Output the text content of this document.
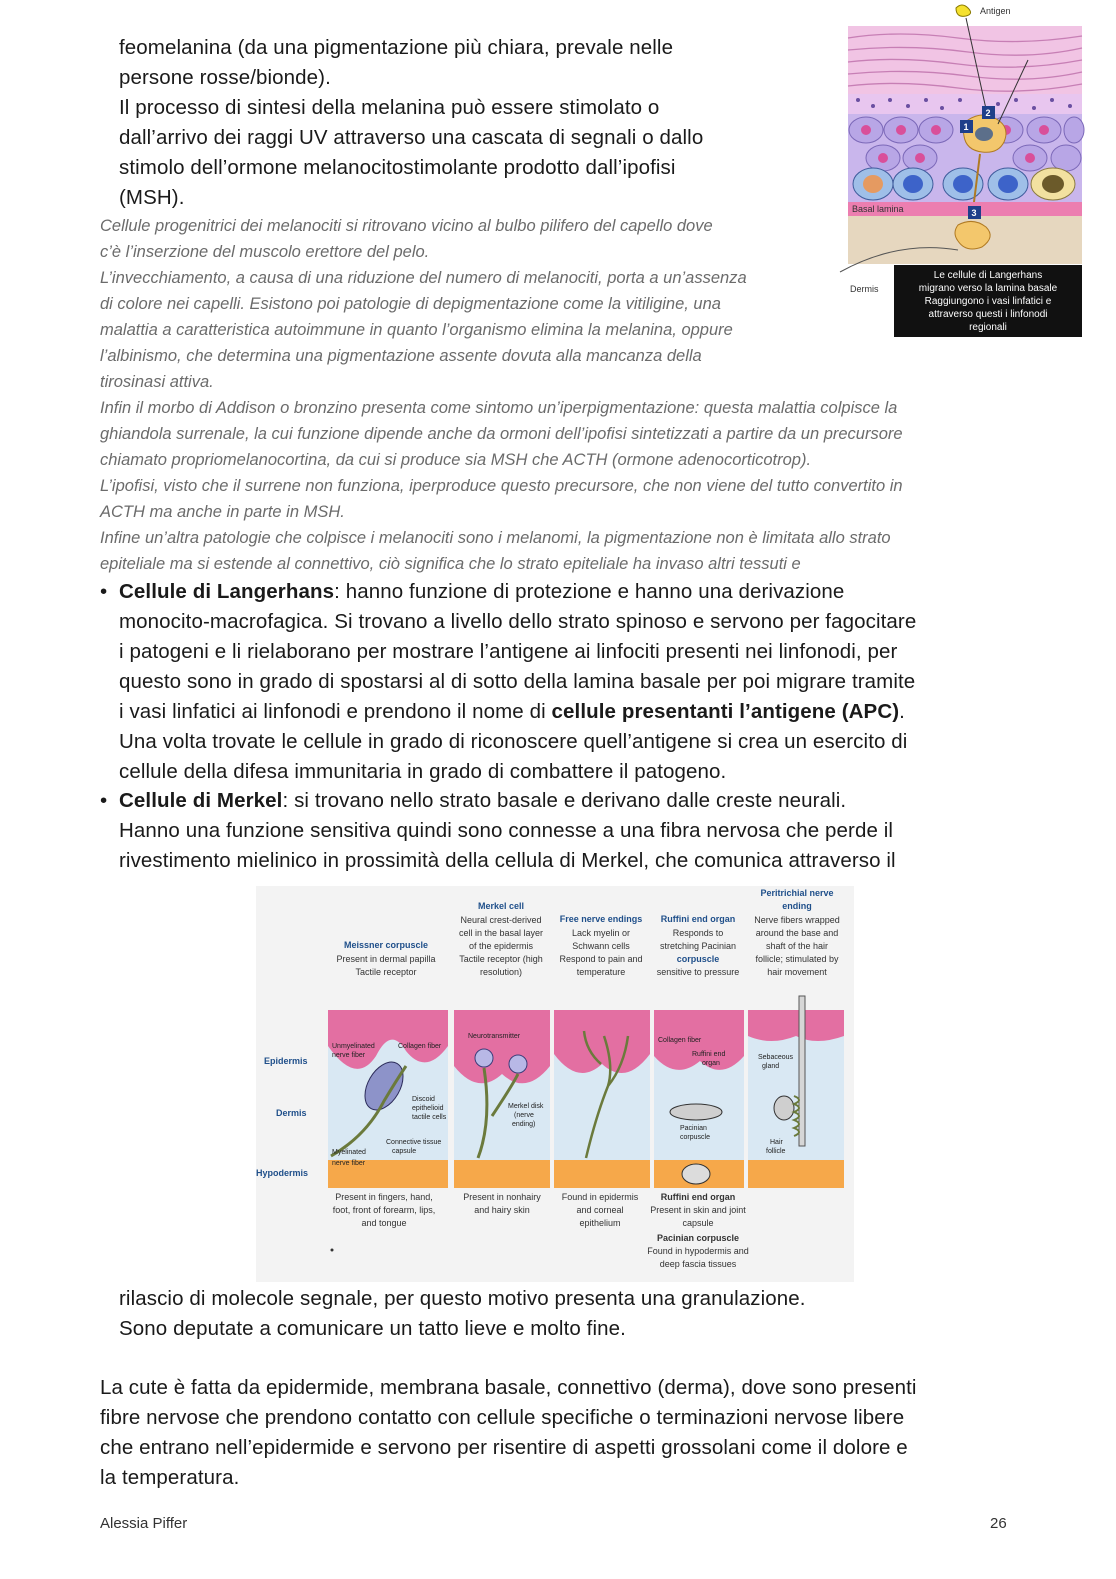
feomelanina (da una pigmentazione più chiara, prevale nelle
persone rosse/bionde).
Il processo di sintesi della melanina può essere stimolato o
dall’arrivo dei raggi UV attraverso una cascata di segnali o dallo
stimolo dell’ormone melanocitostimolante prodotto dall’ipofisi
(MSH).
Cellule progenitrici dei melanociti si ritrovano vicino al bulbo pilifero del capello dove
c’è l’inserzione del muscolo erettore del pelo.
L’invecchiamento, a causa di una riduzione del numero di melanociti, porta a un’assenza
di colore nei capelli. Esistono poi patologie di depigmentazione come la vitiligine, una
malattia a caratteristica autoimmune in quanto l’organismo elimina la melanina, oppure
l’albinismo, che determina una pigmentazione assente dovuta alla mancanza della
tirosinasi attiva.
Infin il morbo di Addison o bronzino presenta come sintomo un’iperpigmentazione: questa malattia colpisce la
ghiandola surrenale, la cui funzione dipende anche da ormoni dell’ipofisi sintetizzati a partire da un precursore
chiamato propriomelanocortina, da cui si produce sia MSH che ACTH (ormone adenocorticotrop).
L’ipofisi, visto che il surrene non funziona, iperproduce questo precursore, che non viene del tutto convertito in
ACTH ma anche in parte in MSH.
Infine un’altra patologie che colpisce i melanociti sono i melanomi, la pigmentazione non è limitata allo strato
epiteliale ma si estende al connettivo, ciò significa che lo strato epiteliale ha invaso altri tessuti e
Basal lamina
Antigen
1
2
3
Dermis
Le cellule di Langerhans
migrano verso la lamina basale
Raggiungono i vasi linfatici e
attraverso questi i linfonodi
regionali
• Cellule di Langerhans: hanno funzione di protezione e hanno una derivazione
monocito-macrofagica. Si trovano a livello dello strato spinoso e servono per fagocitare
i patogeni e li rielaborano per mostrare l’antigene ai linfociti presenti nei linfonodi, per
questo sono in grado di spostarsi al di sotto della lamina basale per poi migrare tramite
i vasi linfatici ai linfonodi e prendono il nome di cellule presentanti l’antigene (APC).
Una volta trovate le cellule in grado di riconoscere quell’antigene si crea un esercito di
cellule della difesa immunitaria in grado di combattere il patogeno.
• Cellule di Merkel: si trovano nello strato basale e derivano dalle creste neurali.
Hanno una funzione sensitiva quindi sono connesse a una fibra nervosa che perde il
rivestimento mielinico in prossimità della cellula di Merkel, che comunica attraverso il
Meissner corpuscle
Present in dermal papilla
Tactile receptor
Merkel cell
Neural crest-derived
cell in the basal layer
of the epidermis
Tactile receptor (high
resolution)
Free nerve endings
Lack myelin or
Schwann cells
Respond to pain and
temperature
Ruffini end organ
Responds to
stretching Pacinian
corpuscle
sensitive to pressure
Peritrichial nerve
ending
Nerve fibers wrapped
around the base and
shaft of the hair
follicle; stimulated by
hair movement
Epidermis
Dermis
Hypodermis
Unmyelinated
nerve fiber
Collagen fiber
Discoid
epithelioid
tactile cells
Connective tissue
capsule
Myelinated
nerve fiber
Neurotransmitter
Merkel disk
(nerve
ending)
Collagen fiber
Ruffini end
organ
Pacinian
corpuscle
Sebaceous
gland
Hair
follicle
Present in fingers, hand,
foot, front of forearm, lips,
and tongue
Present in nonhairy
and hairy skin
Found in epidermis
and corneal
epithelium
Ruffini end organ
Present in skin and joint
capsule
Pacinian corpuscle
Found in hypodermis and
deep fascia tissues
rilascio di molecole segnale, per questo motivo presenta una granulazione.
Sono deputate a comunicare un tatto lieve e molto fine.
La cute è fatta da epidermide, membrana basale, connettivo (derma), dove sono presenti
fibre nervose che prendono contatto con cellule specifiche o terminazioni nervose libere
che entrano nell’epidermide e servono per risentire di aspetti grossolani come il dolore e
la temperatura.
Alessia Piffer	26
